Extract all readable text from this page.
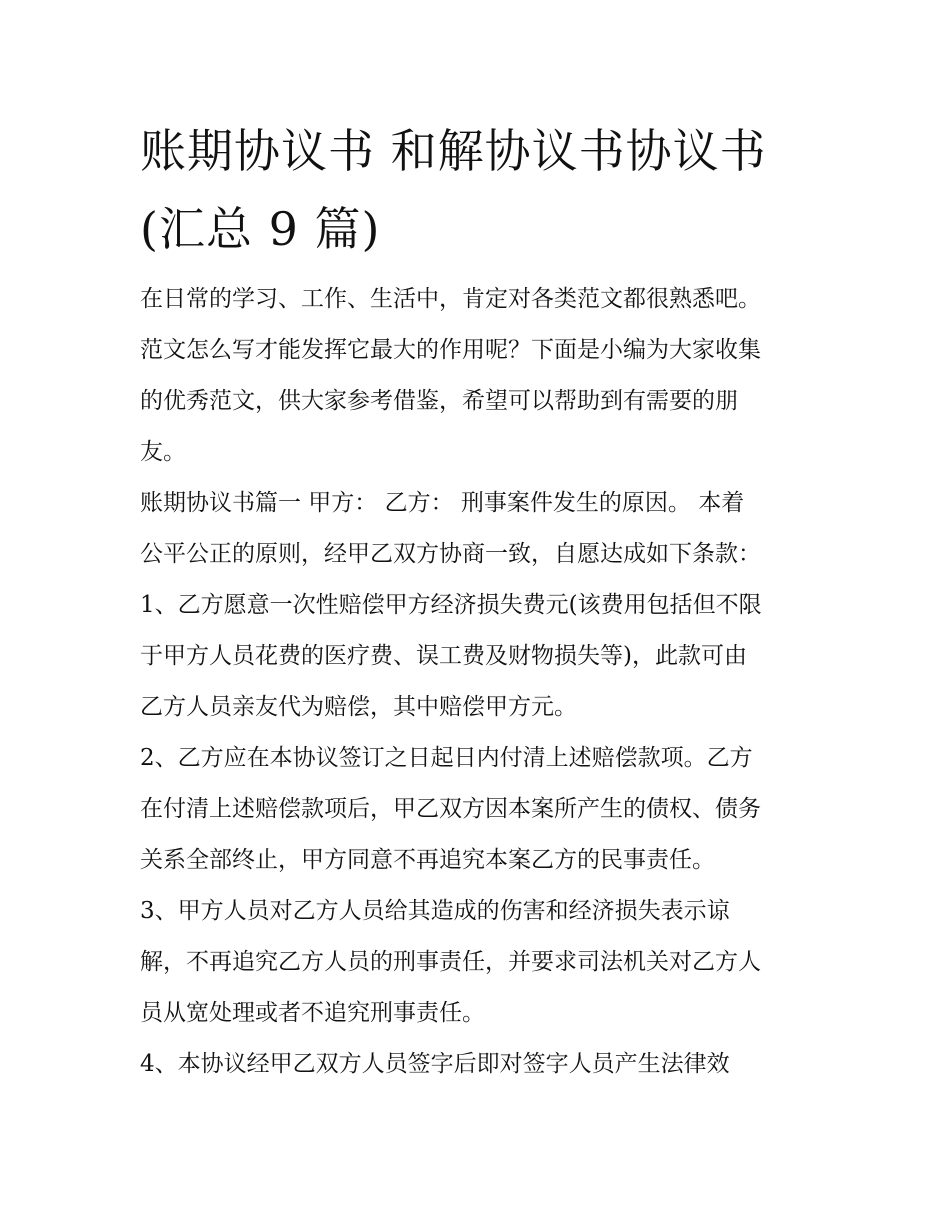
账期协议书 和解协议书协议书
(汇总 9 篇)
在日常的学习、工作、生活中，肯定对各类范文都很熟悉吧。
范文怎么写才能发挥它最大的作用呢？下面是小编为大家收集
的优秀范文，供大家参考借鉴，希望可以帮助到有需要的朋
友。
账期协议书篇一 甲方： 乙方： 刑事案件发生的原因。 本着
公平公正的原则，经甲乙双方协商一致，自愿达成如下条款：
1、乙方愿意一次性赔偿甲方经济损失费元(该费用包括但不限
于甲方人员花费的医疗费、误工费及财物损失等)，此款可由
乙方人员亲友代为赔偿，其中赔偿甲方元。
2、乙方应在本协议签订之日起日内付清上述赔偿款项。乙方
在付清上述赔偿款项后，甲乙双方因本案所产生的债权、债务
关系全部终止，甲方同意不再追究本案乙方的民事责任。
3、甲方人员对乙方人员给其造成的伤害和经济损失表示谅
解，不再追究乙方人员的刑事责任，并要求司法机关对乙方人
员从宽处理或者不追究刑事责任。
4、本协议经甲乙双方人员签字后即对签字人员产生法律效
